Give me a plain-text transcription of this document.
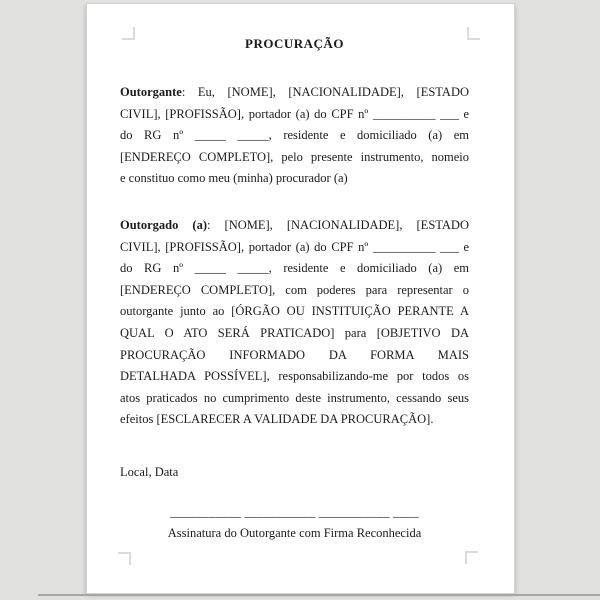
PROCURAÇÃO
Outorgante: Eu, [NOME], [NACIONALIDADE], [ESTADO
CIVIL], [PROFISSÃO], portador (a) do CPF nº __________ ___ e
do RG nº _____ _____, residente e domiciliado (a) em
[ENDEREÇO COMPLETO], pelo presente instrumento, nomeio
e constituo como meu (minha) procurador (a)
Outorgado (a): [NOME], [NACIONALIDADE], [ESTADO
CIVIL], [PROFISSÃO], portador (a) do CPF nº __________ ___ e
do RG nº _____ _____, residente e domiciliado (a) em
[ENDEREÇO COMPLETO], com poderes para representar o
outorgante junto ao [ÓRGÃO OU INSTITUIÇÃO PERANTE A
QUAL O ATO SERÁ PRATICADO] para [OBJETIVO DA
PROCURAÇÃO INFORMADO DA FORMA MAIS
DETALHADA POSSÍVEL], responsabilizando-me por todos os
atos praticados no cumprimento deste instrumento, cessando seus
efeitos [ESCLARECER A VALIDADE DA PROCURAÇÃO].
Local, Data
___________ ___________ ___________ ____
Assinatura do Outorgante com Firma Reconhecida
